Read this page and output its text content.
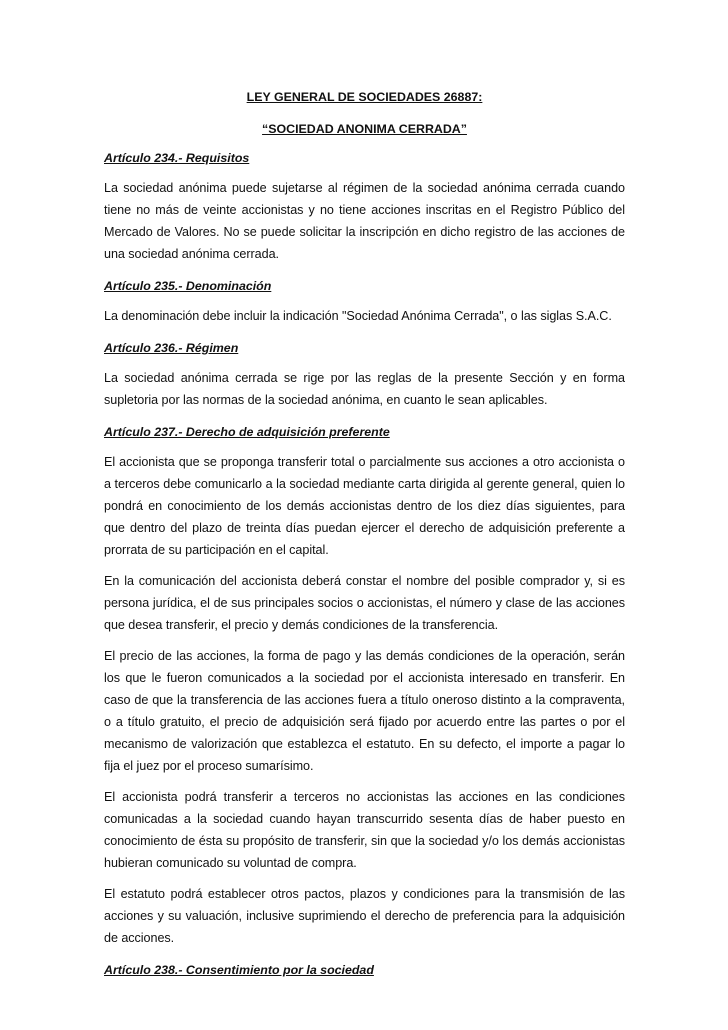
LEY GENERAL DE SOCIEDADES 26887:

“SOCIEDAD ANONIMA CERRADA”

Artículo 234.- Requisitos

La sociedad anónima puede sujetarse al régimen de la sociedad anónima cerrada cuando tiene no más de veinte accionistas y no tiene acciones inscritas en el Registro Público del Mercado de Valores. No se puede solicitar la inscripción en dicho registro de las acciones de una sociedad anónima cerrada.

Artículo 235.- Denominación

La denominación debe incluir la indicación "Sociedad Anónima Cerrada", o las siglas S.A.C.

Artículo 236.- Régimen

La sociedad anónima cerrada se rige por las reglas de la presente Sección y en forma supletoria por las normas de la sociedad anónima, en cuanto le sean aplicables.

Artículo 237.- Derecho de adquisición preferente

El accionista que se proponga transferir total o parcialmente sus acciones a otro accionista o a terceros debe comunicarlo a la sociedad mediante carta dirigida al gerente general, quien lo pondrá en conocimiento de los demás accionistas dentro de los diez días siguientes, para que dentro del plazo de treinta días puedan ejercer el derecho de adquisición preferente a prorrata de su participación en el capital.

En la comunicación del accionista deberá constar el nombre del posible comprador y, si es persona jurídica, el de sus principales socios o accionistas, el número y clase de las acciones que desea transferir, el precio y demás condiciones de la transferencia.

El precio de las acciones, la forma de pago y las demás condiciones de la operación, serán los que le fueron comunicados a la sociedad por el accionista interesado en transferir. En caso de que la transferencia de las acciones fuera a título oneroso distinto a la compraventa, o a título gratuito, el precio de adquisición será fijado por acuerdo entre las partes o por el mecanismo de valorización que establezca el estatuto. En su defecto, el importe a pagar lo fija el juez por el proceso sumarísimo.

El accionista podrá transferir a terceros no accionistas las acciones en las condiciones comunicadas a la sociedad cuando hayan transcurrido sesenta días de haber puesto en conocimiento de ésta su propósito de transferir, sin que la sociedad y/o los demás accionistas hubieran comunicado su voluntad de compra.

El estatuto podrá establecer otros pactos, plazos y condiciones para la transmisión de las acciones y su valuación, inclusive suprimiendo el derecho de preferencia para la adquisición de acciones.

Artículo 238.- Consentimiento por la sociedad
